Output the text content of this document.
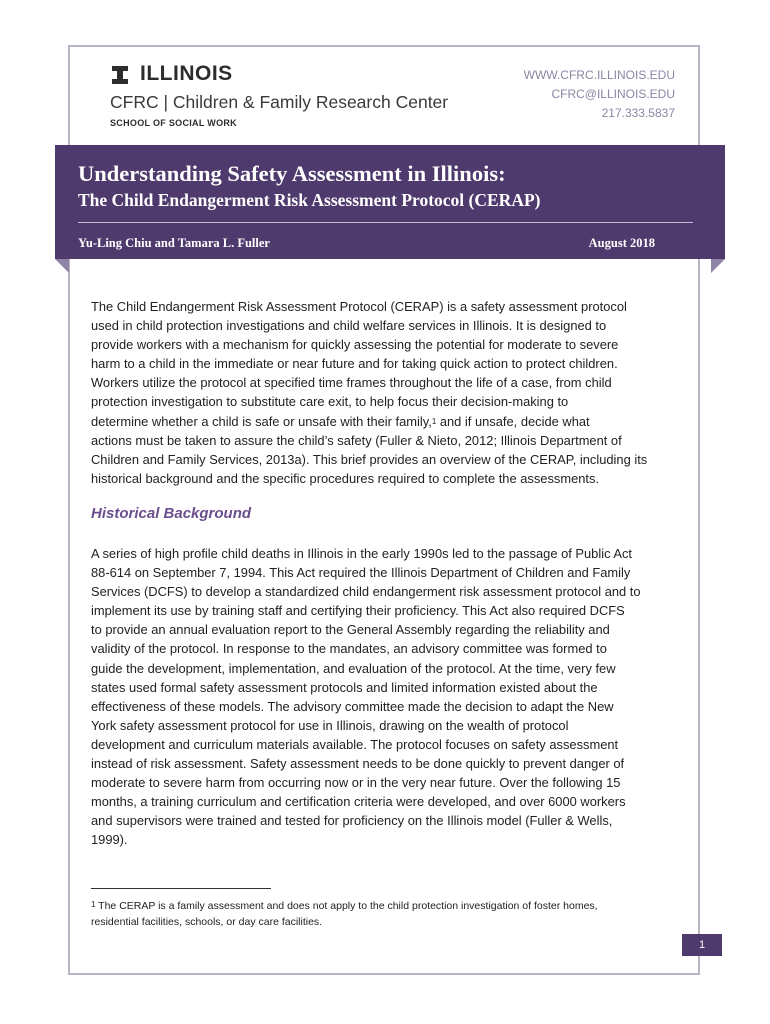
ILLINOIS
CFRC | Children & Family Research Center
SCHOOL OF SOCIAL WORK
WWW.CFRC.ILLINOIS.EDU
CFRC@ILLINOIS.EDU
217.333.5837
Understanding Safety Assessment in Illinois:
The Child Endangerment Risk Assessment Protocol (CERAP)
Yu-Ling Chiu and Tamara L. Fuller	August 2018
The Child Endangerment Risk Assessment Protocol (CERAP) is a safety assessment protocol
used in child protection investigations and child welfare services in Illinois. It is designed to
provide workers with a mechanism for quickly assessing the potential for moderate to severe
harm to a child in the immediate or near future and for taking quick action to protect children.
Workers utilize the protocol at specified time frames throughout the life of a case, from child
protection investigation to substitute care exit, to help focus their decision-making to
determine whether a child is safe or unsafe with their family,$^1$ and if unsafe, decide what
actions must be taken to assure the child’s safety (Fuller & Nieto, 2012; Illinois Department of
Children and Family Services, 2013a). This brief provides an overview of the CERAP, including its
historical background and the specific procedures required to complete the assessments.
Historical Background
A series of high profile child deaths in Illinois in the early 1990s led to the passage of Public Act
88-614 on September 7, 1994. This Act required the Illinois Department of Children and Family
Services (DCFS) to develop a standardized child endangerment risk assessment protocol and to
implement its use by training staff and certifying their proficiency. This Act also required DCFS
to provide an annual evaluation report to the General Assembly regarding the reliability and
validity of the protocol. In response to the mandates, an advisory committee was formed to
guide the development, implementation, and evaluation of the protocol. At the time, very few
states used formal safety assessment protocols and limited information existed about the
effectiveness of these models. The advisory committee made the decision to adapt the New
York safety assessment protocol for use in Illinois, drawing on the wealth of protocol
development and curriculum materials available. The protocol focuses on safety assessment
instead of risk assessment. Safety assessment needs to be done quickly to prevent danger of
moderate to severe harm from occurring now or in the very near future. Over the following 15
months, a training curriculum and certification criteria were developed, and over 6000 workers
and supervisors were trained and tested for proficiency on the Illinois model (Fuller & Wells,
1999).
$^1$ The CERAP is a family assessment and does not apply to the child protection investigation of foster homes,
residential facilities, schools, or day care facilities.
1
